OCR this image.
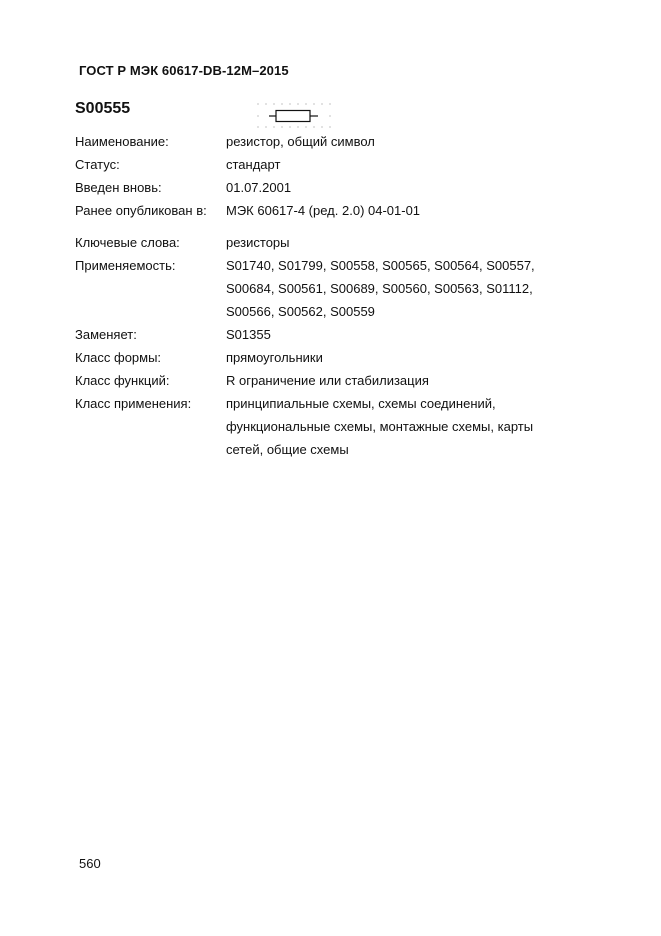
ГОСТ Р МЭК 60617-DB-12M–2015
S00555
Наименование:	резистор, общий символ
Статус:	стандарт
Введен вновь:	01.07.2001
Ранее опубликован в:	МЭК 60617-4 (ред. 2.0) 04-01-01
Ключевые слова:	резисторы
Применяемость:	S01740, S01799, S00558, S00565, S00564, S00557,
S00684, S00561, S00689, S00560, S00563, S01112,
S00566, S00562, S00559
Заменяет:	S01355
Класс формы:	прямоугольники
Класс функций:	R ограничение или стабилизация
Класс применения:	принципиальные схемы, схемы соединений,
функциональные схемы, монтажные схемы, карты
сетей, общие схемы
560
